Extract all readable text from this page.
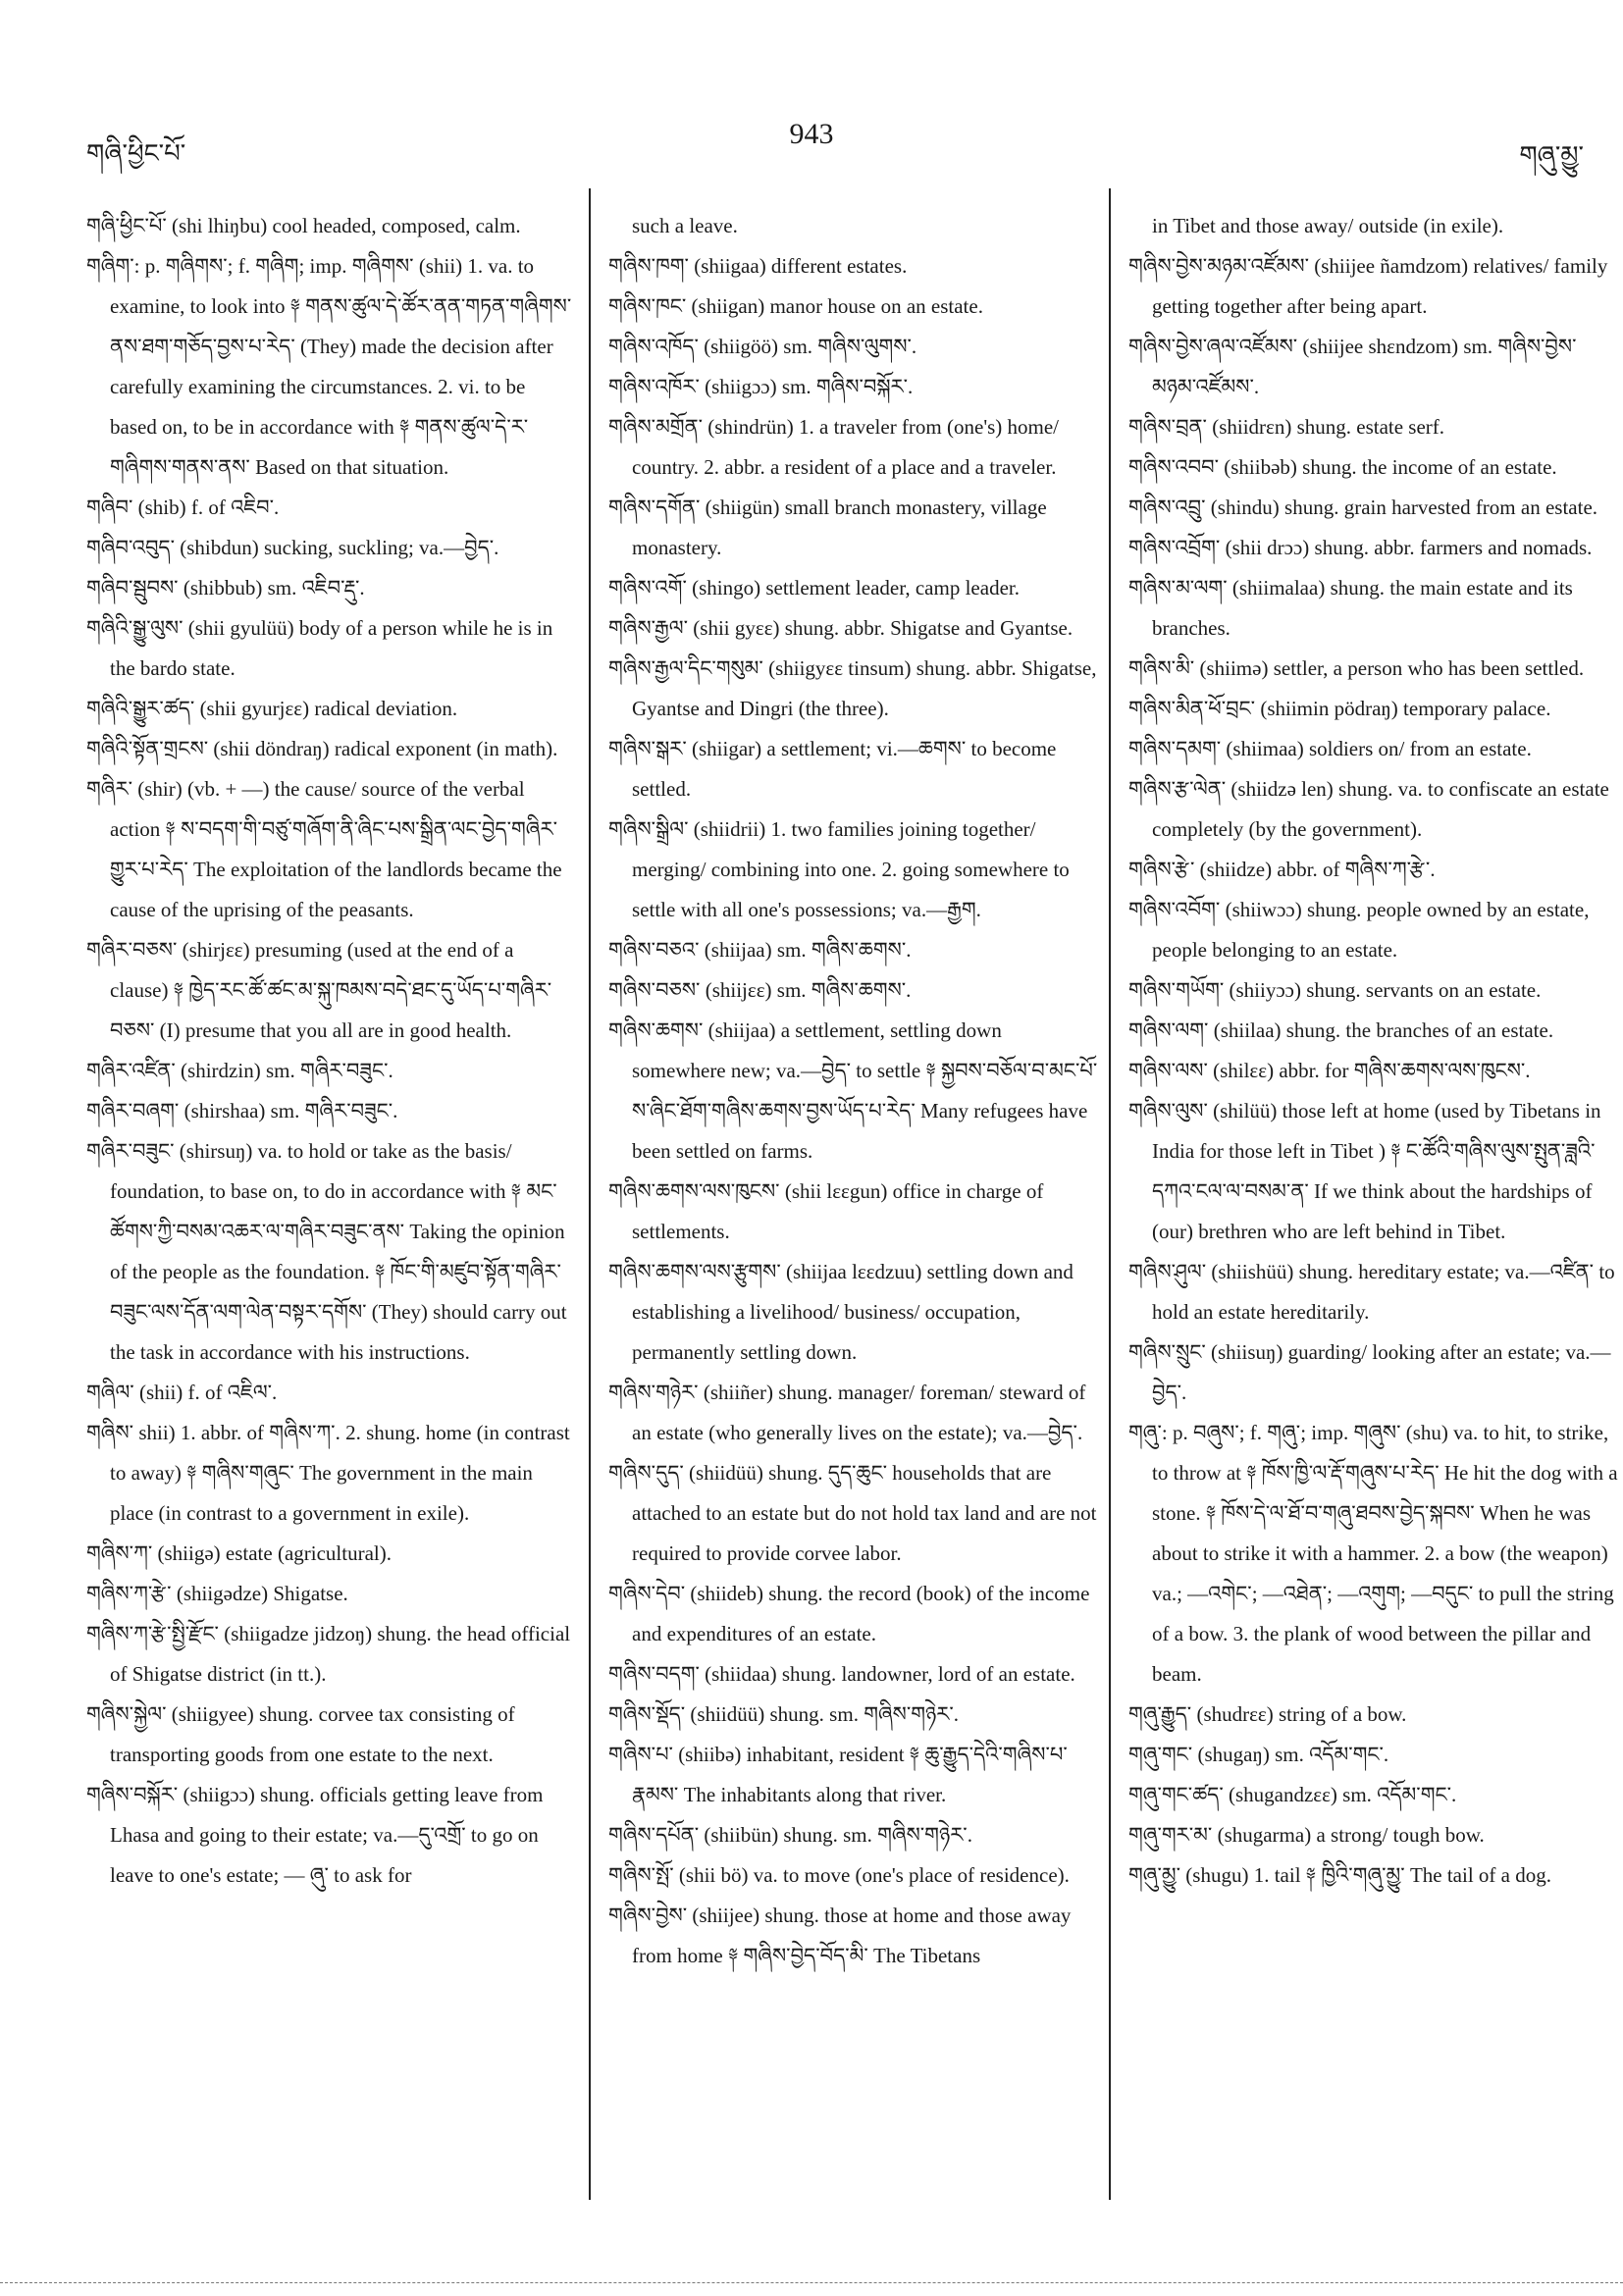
གཞི་ཕྱིང་པོ་
943
གཞུ་མྱུ་

གཞི་ཕྱིང་པོ་ (shi lhiŋbu) cool headed, composed, calm.

གཞིག་: p. གཞིགས་; f. གཞིག; imp. གཞིགས་ (shii) 1. va. to examine, to look into ༈ གནས་ཚུལ་དེ་ཚོར་ནན་གཏན་གཞིགས་ནས་ཐག་གཅོད་བྱས་པ་རེད་ (They) made the decision after carefully examining the circumstances. 2. vi. to be based on, to be in accordance with ༈ གནས་ཚུལ་དེ་ར་གཞིགས་གནས་ནས་ Based on that situation.

གཞིབ་ (shib) f. of འཇིབ་.

གཞིབ་འབུད་ (shibdun) sucking, suckling; va.—བྱེད་.

གཞིབ་སྦུབས་ (shibbub) sm. འཇིབ་རྡུ་.

གཞིའི་སྒྱུ་ལུས་ (shii gyulüü) body of a person while he is in the bardo state.

གཞིའི་སྒྱུར་ཚད་ (shii gyurjɛɛ) radical deviation.

གཞིའི་སྟོན་གྲངས་ (shii döndraŋ) radical exponent (in math).

གཞིར་ (shir) (vb. + —) the cause/ source of the verbal action ༈ ས་བདག་གི་བཙུ་གཞོག་ནི་ཞིང་པས་སྒྲིན་ལང་བྱེད་གཞིར་གྱུར་པ་རེད་ The exploitation of the landlords became the cause of the uprising of the peasants.

གཞིར་བཅས་ (shirjɛɛ) presuming (used at the end of a clause) ༈ ཁྱེད་རང་ཚོ་ཚང་མ་སྐུ་ཁམས་བདེ་ཐང་དུ་ཡོད་པ་གཞིར་བཅས་ (I) presume that you all are in good health.

གཞིར་འཛིན་ (shirdzin) sm. གཞིར་བཟུང་.

གཞིར་བཞག་ (shirshaa) sm. གཞིར་བཟུང་.

གཞིར་བཟུང་ (shirsuŋ) va. to hold or take as the basis/ foundation, to base on, to do in accordance with ༈ མང་ཚོགས་ཀྱི་བསམ་འཆར་ལ་གཞིར་བཟུང་ནས་ Taking the opinion of the people as the foundation. ༈ ཁོང་གི་མཛུབ་སྟོན་གཞིར་བཟུང་ལས་དོན་ལག་ལེན་བསྟར་དགོས་ (They) should carry out the task in accordance with his instructions.

གཞིལ་ (shii) f. of འཇིལ་.

གཞིས་ shii) 1. abbr. of གཞིས་ཀ་. 2. shung. home (in contrast to away) ༈ གཞིས་གཞུང་ The government in the main place (in contrast to a government in exile).

གཞིས་ཀ་ (shiigə) estate (agricultural).

གཞིས་ཀ་རྩེ་ (shiigədze) Shigatse.

གཞིས་ཀ་རྩེ་སྤྱི་རྫོང་ (shiigadze jidzoŋ) shung. the head official of Shigatse district (in tt.).

གཞིས་སྐྱེལ་ (shiigyee) shung. corvee tax consisting of transporting goods from one estate to the next.

གཞིས་བསྐོར་ (shiigɔɔ) shung. officials getting leave from Lhasa and going to their estate; va.—དུ་འགྲོ་ to go on leave to one's estate; — ཞུ་ to ask for

such a leave.

གཞིས་ཁག་ (shiigaa) different estates.

གཞིས་ཁང་ (shiigan) manor house on an estate.

གཞིས་འཁོད་ (shiigöö) sm. གཞིས་ལུགས་.

གཞིས་འཁོར་ (shiigɔɔ) sm. གཞིས་བསྐོར་.

གཞིས་མགྲོན་ (shindrün) 1. a traveler from (one's) home/ country. 2. abbr. a resident of a place and a traveler.

གཞིས་དགོན་ (shiigün) small branch monastery, village monastery.

གཞིས་འགོ་ (shingo) settlement leader, camp leader.

གཞིས་རྒྱལ་ (shii gyɛɛ) shung. abbr. Shigatse and Gyantse.

གཞིས་རྒྱལ་དིང་གསུམ་ (shiigyɛɛ tinsum) shung. abbr. Shigatse, Gyantse and Dingri (the three).

གཞིས་སྒར་ (shiigar) a settlement; vi.—ཆགས་ to become settled.

གཞིས་སྒྲིལ་ (shiidrii) 1. two families joining together/ merging/ combining into one. 2. going somewhere to settle with all one's possessions; va.—རྒྱག.

གཞིས་བཅའ་ (shiijaa) sm. གཞིས་ཆགས་.

གཞིས་བཅས་ (shiijɛɛ) sm. གཞིས་ཆགས་.

གཞིས་ཆགས་ (shiijaa) a settlement, settling down somewhere new; va.—བྱེད་ to settle ༈ སྐྱབས་བཅོལ་བ་མང་པོ་ས་ཞིང་ཐོག་གཞིས་ཆགས་བྱས་ཡོད་པ་རེད་ Many refugees have been settled on farms.

གཞིས་ཆགས་ལས་ཁུངས་ (shii lɛɛgun) office in charge of settlements.

གཞིས་ཆགས་ལས་རྩུགས་ (shiijaa lɛɛdzuu) settling down and establishing a livelihood/ business/ occupation, permanently settling down.

གཞིས་གཉེར་ (shiiñer) shung. manager/ foreman/ steward of an estate (who generally lives on the estate); va.—བྱེད་.

གཞིས་དུད་ (shiidüü) shung. དུད་ཆུང་ households that are attached to an estate but do not hold tax land and are not required to provide corvee labor.

གཞིས་དེབ་ (shiideb) shung. the record (book) of the income and expenditures of an estate.

གཞིས་བདག་ (shiidaa) shung. landowner, lord of an estate.

གཞིས་སྡོད་ (shiidüü) shung. sm. གཞིས་གཉེར་.

གཞིས་པ་ (shiibə) inhabitant, resident ༈ ཆུ་རྒྱུད་དེའི་གཞིས་པ་རྣམས་ The inhabitants along that river.

གཞིས་དཔོན་ (shiibün) shung. sm. གཞིས་གཉེར་.

གཞིས་སྤོ་ (shii bö) va. to move (one's place of residence).

གཞིས་བྱེས་ (shiijee) shung. those at home and those away from home ༈ གཞིས་བྱེད་བོད་མི་ The Tibetans

in Tibet and those away/ outside (in exile).

གཞིས་བྱེས་མཉམ་འཛོམས་ (shiijee ñamdzom) relatives/ family getting together after being apart.

གཞིས་བྱེས་ཞལ་འཛོམས་ (shiijee shɛndzom) sm. གཞིས་བྱེས་མཉམ་འཛོམས་.

གཞིས་བྲན་ (shiidrɛn) shung. estate serf.

གཞིས་འབབ་ (shiibəb) shung. the income of an estate.

གཞིས་འབྲུ་ (shindu) shung. grain harvested from an estate.

གཞིས་འབྲོག་ (shii drɔɔ) shung. abbr. farmers and nomads.

གཞིས་མ་ལག་ (shiimalaa) shung. the main estate and its branches.

གཞིས་མི་ (shiimə) settler, a person who has been settled.

གཞིས་མིན་ཕོ་བྲང་ (shiimin pödraŋ) temporary palace.

གཞིས་དམག་ (shiimaa) soldiers on/ from an estate.

གཞིས་རྩ་ལེན་ (shiidzə len) shung. va. to confiscate an estate completely (by the government).

གཞིས་རྩེ་ (shiidze) abbr. of གཞིས་ཀ་རྩེ་.

གཞིས་འབོག་ (shiiwɔɔ) shung. people owned by an estate, people belonging to an estate.

གཞིས་གཡོག་ (shiiyɔɔ) shung. servants on an estate.

གཞིས་ལག་ (shiilaa) shung. the branches of an estate.

གཞིས་ལས་ (shilɛɛ) abbr. for གཞིས་ཆགས་ལས་ཁུངས་.

གཞིས་ལུས་ (shilüü) those left at home (used by Tibetans in India for those left in Tibet ) ༈ ང་ཚོའི་གཞིས་ལུས་སྤུན་ཟླའི་དཀའ་ངལ་ལ་བསམ་ན་ If we think about the hardships of (our) brethren who are left behind in Tibet.

གཞིས་ཤུལ་ (shiishüü) shung. hereditary estate; va.—འཛིན་ to hold an estate hereditarily.

གཞིས་སྲུང་ (shiisuŋ) guarding/ looking after an estate; va.—བྱེད་.

གཞུ་: p. བཞུས་; f. གཞུ་; imp. གཞུས་ (shu) va. to hit, to strike, to throw at ༈ ཁོས་ཁྱི་ལ་རྡོ་གཞུས་པ་རེད་ He hit the dog with a stone. ༈ ཁོས་དེ་ལ་ཐོ་བ་གཞུ་ཐབས་བྱེད་སྐབས་ When he was about to strike it with a hammer. 2. a bow (the weapon) va.; —འགེང་; —འཐེན་; —འགུག; —བདུང་ to pull the string of a bow. 3. the plank of wood between the pillar and beam.

གཞུ་རྒྱུད་ (shudrɛɛ) string of a bow.

གཞུ་གང་ (shugaŋ) sm. འདོམ་གང་.

གཞུ་གང་ཚད་ (shugandzɛɛ) sm. འདོམ་གང་.

གཞུ་གར་མ་ (shugarma) a strong/ tough bow.

གཞུ་མྱུ་ (shugu) 1. tail ༈ ཁྱིའི་གཞུ་མྱུ་ The tail of a dog.
